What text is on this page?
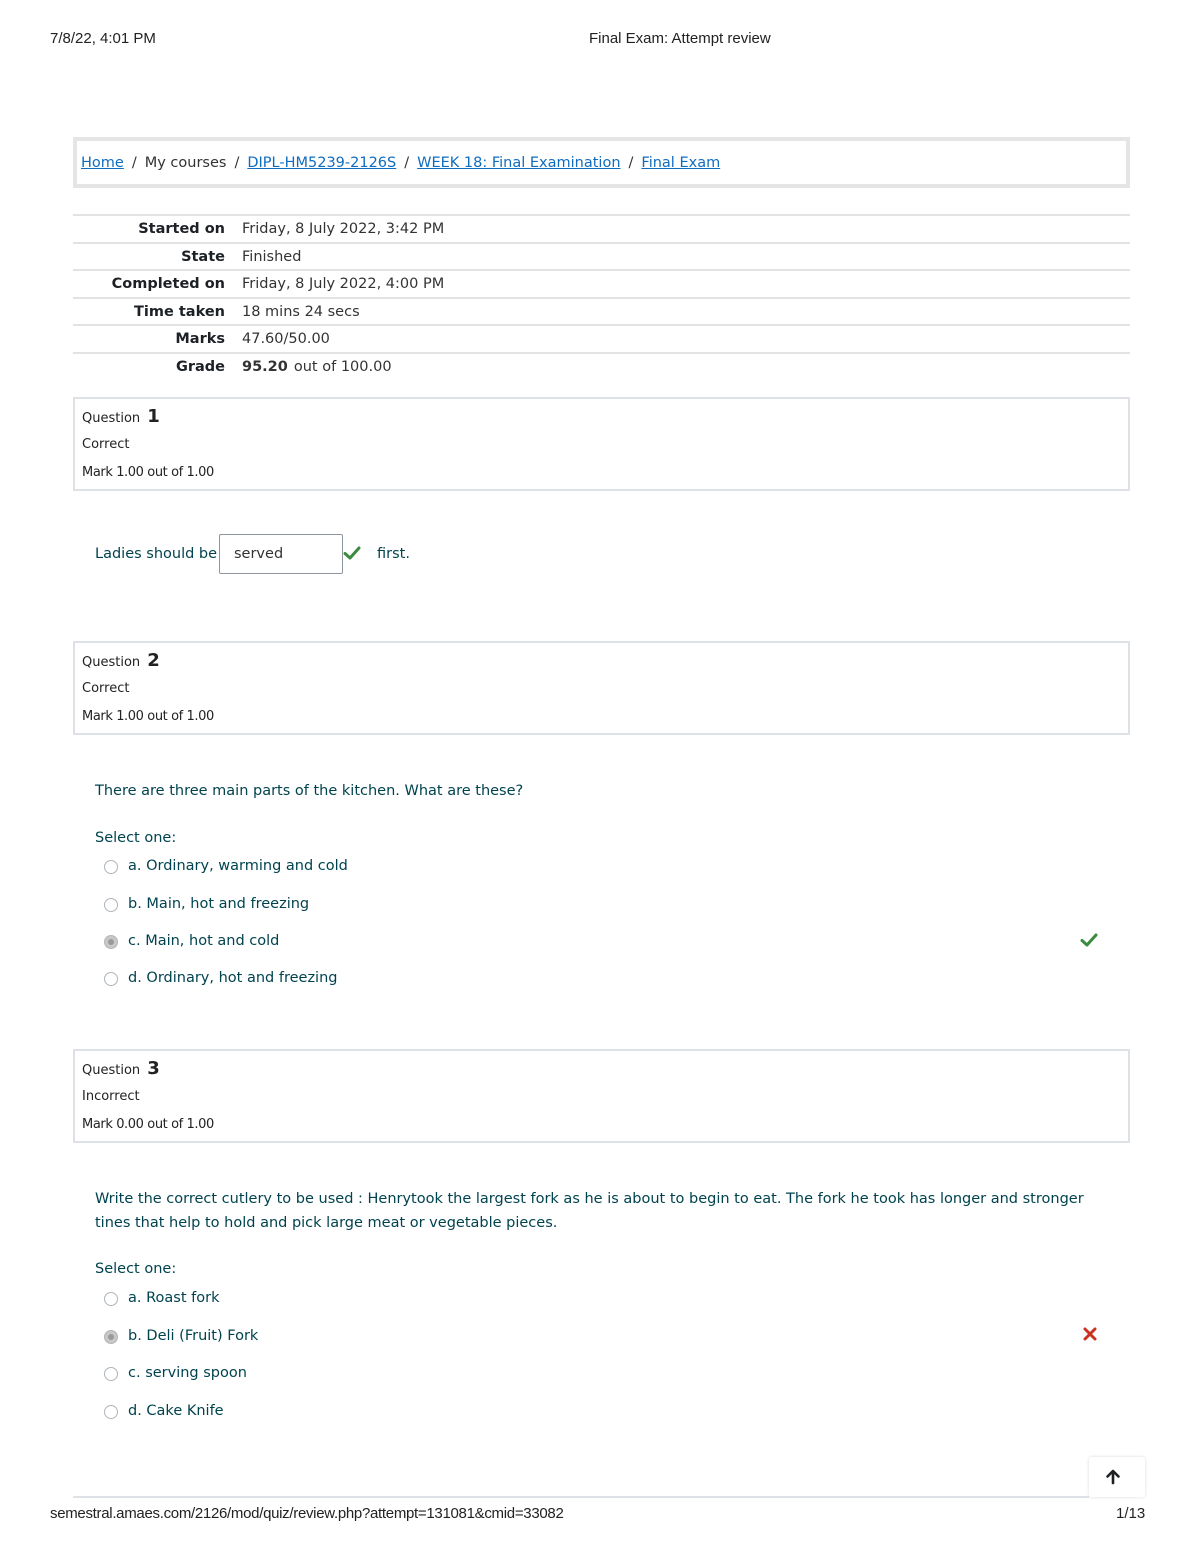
7/8/22, 4:01 PM	Final Exam: Attempt review
Home / My courses / DIPL-HM5239-2126S / WEEK 18: Final Examination / Final Exam
Started on Friday, 8 July 2022, 3:42 PM
State Finished
Completed on Friday, 8 July 2022, 4:00 PM
Time taken 18 mins 24 secs
Marks 47.60/50.00
Grade 95.20 out of 100.00
Question 1
Correct
Mark 1.00 out of 1.00
Ladies should be	served	first.
Question 2
Correct
Mark 1.00 out of 1.00
There are three main parts of the kitchen. What are these?
Select one:
a. Ordinary, warming and cold
b. Main, hot and freezing
c. Main, hot and cold
d. Ordinary, hot and freezing
Question 3
Incorrect
Mark 0.00 out of 1.00
Write the correct cutlery to be used : Henrytook the largest fork as he is about to begin to eat. The fork he took has longer and stronger tines that help to hold and pick large meat or vegetable pieces.
Select one:
a. Roast fork
b. Deli (Fruit) Fork
c. serving spoon
d. Cake Knife
semestral.amaes.com/2126/mod/quiz/review.php?attempt=131081&cmid=33082	1/13
